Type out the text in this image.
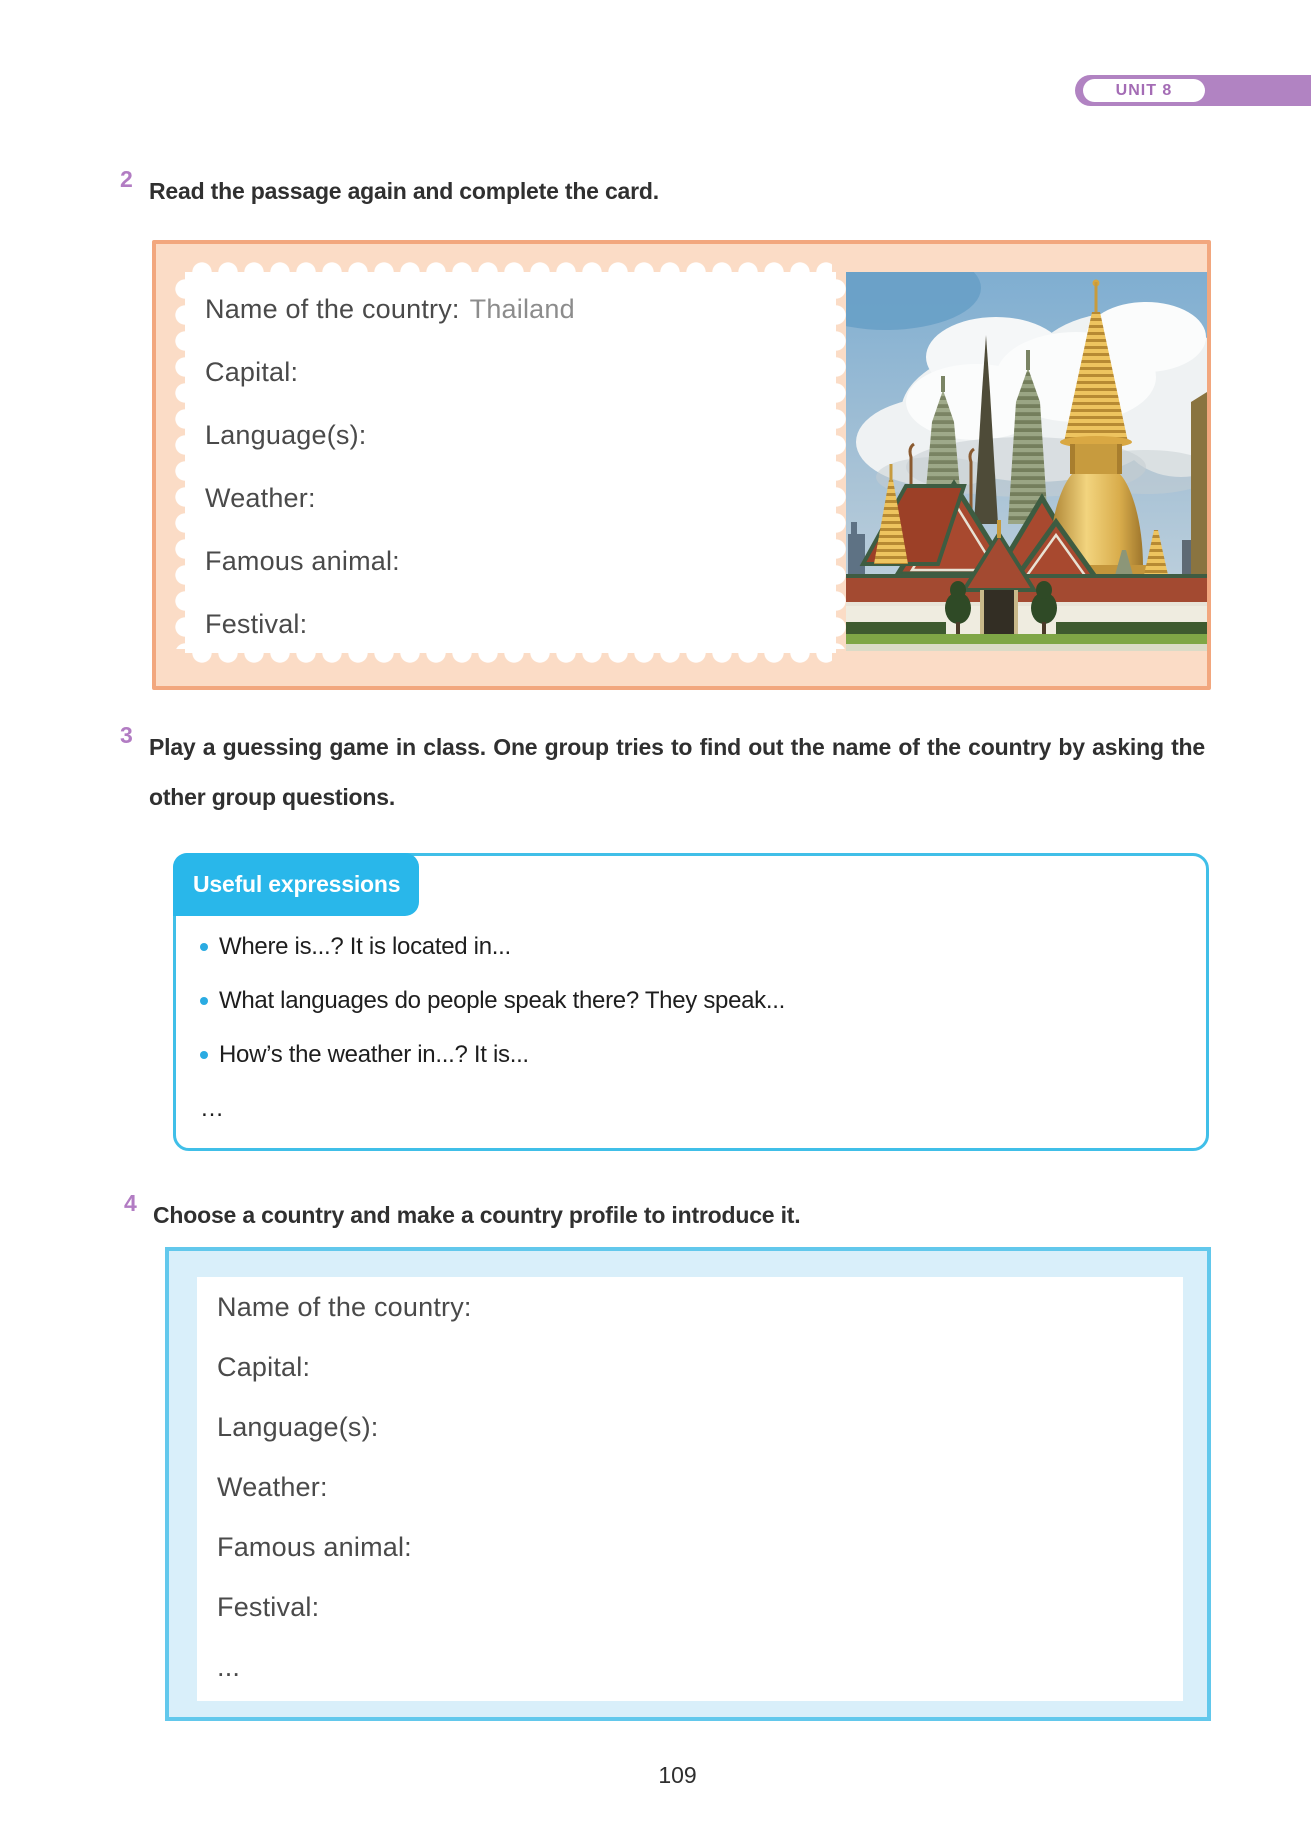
UNIT 8
2 Read the passage again and complete the card.
Name of the country: Thailand
Capital:
Language(s):
Weather:
Famous animal:
Festival:
3 Play a guessing game in class. One group tries to find out the name of the country by asking the other group questions.
Useful expressions
Where is...? It is located in...
What languages do people speak there? They speak...
How’s the weather in...? It is...
…
4 Choose a country and make a country profile to introduce it.
Name of the country:
Capital:
Language(s):
Weather:
Famous animal:
Festival:
...
109
